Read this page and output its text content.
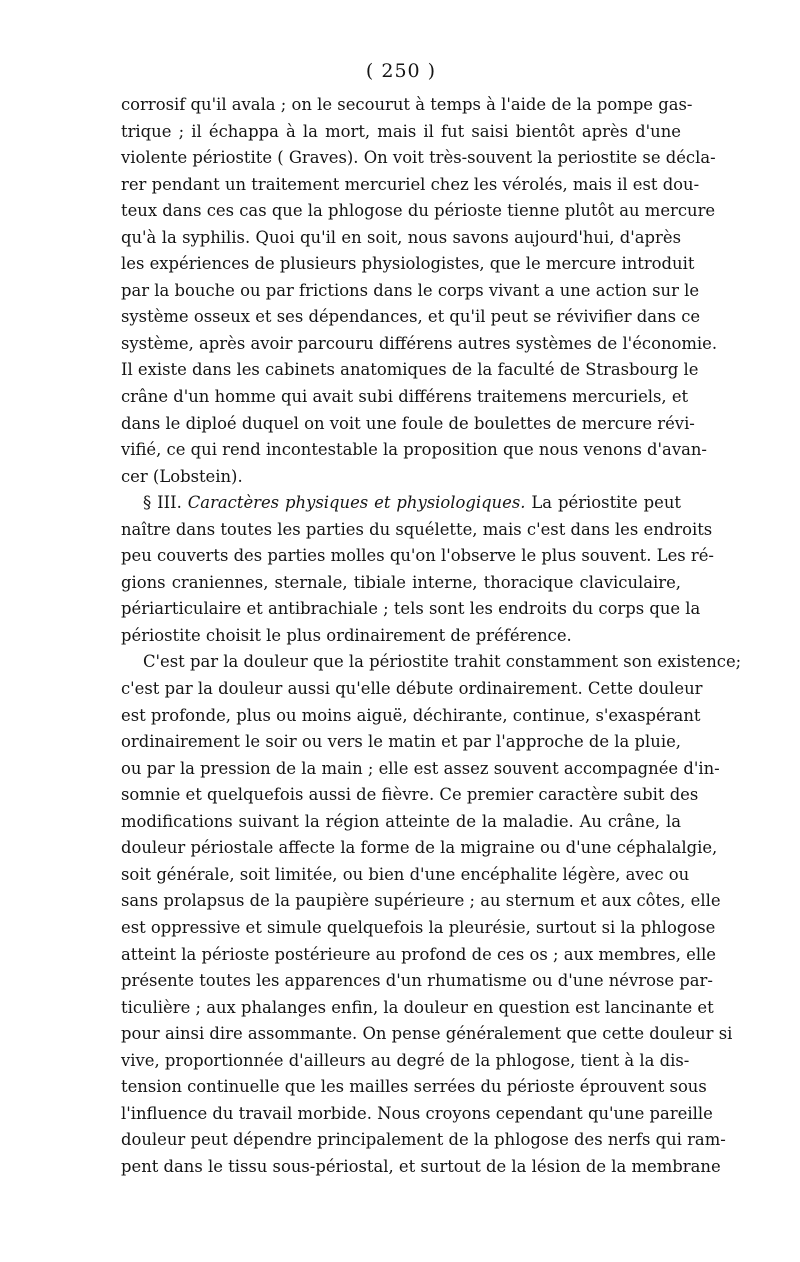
( 250 )
corrosif qu'il avala ; on le secourut à temps à l'aide de la pompe gas-
trique ; il échappa à la mort, mais il fut saisi bientôt après d'une
violente périostite ( Graves). On voit très-souvent la periostite se décla-
rer pendant un traitement mercuriel chez les vérolés, mais il est dou-
teux dans ces cas que la phlogose du périoste tienne plutôt au mercure
qu'à la syphilis. Quoi qu'il en soit, nous savons aujourd'hui, d'après
les expériences de plusieurs physiologistes, que le mercure introduit
par la bouche ou par frictions dans le corps vivant a une action sur le
système osseux et ses dépendances, et qu'il peut se révivifier dans ce
système, après avoir parcouru différens autres systèmes de l'économie.
Il existe dans les cabinets anatomiques de la faculté de Strasbourg le
crâne d'un homme qui avait subi différens traitemens mercuriels, et
dans le diploé duquel on voit une foule de boulettes de mercure révi-
vifié, ce qui rend incontestable la proposition que nous venons d'avan-
cer (Lobstein).
§ III. Caractères physiques et physiologiques. La périostite peut
naître dans toutes les parties du squélette, mais c'est dans les endroits
peu couverts des parties molles qu'on l'observe le plus souvent. Les ré-
gions craniennes, sternale, tibiale interne, thoracique claviculaire,
périarticulaire et antibrachiale ; tels sont les endroits du corps que la
périostite choisit le plus ordinairement de préférence.
C'est par la douleur que la périostite trahit constamment son existence;
c'est par la douleur aussi qu'elle débute ordinairement. Cette douleur
est profonde, plus ou moins aiguë, déchirante, continue, s'exaspérant
ordinairement le soir ou vers le matin et par l'approche de la pluie,
ou par la pression de la main ; elle est assez souvent accompagnée d'in-
somnie et quelquefois aussi de fièvre. Ce premier caractère subit des
modifications suivant la région atteinte de la maladie. Au crâne, la
douleur périostale affecte la forme de la migraine ou d'une céphalalgie,
soit générale, soit limitée, ou bien d'une encéphalite légère, avec ou
sans prolapsus de la paupière supérieure ; au sternum et aux côtes, elle
est oppressive et simule quelquefois la pleurésie, surtout si la phlogose
atteint la périoste postérieure au profond de ces os ; aux membres, elle
présente toutes les apparences d'un rhumatisme ou d'une névrose par-
ticulière ; aux phalanges enfin, la douleur en question est lancinante et
pour ainsi dire assommante. On pense généralement que cette douleur si
vive, proportionnée d'ailleurs au degré de la phlogose, tient à la dis-
tension continuelle que les mailles serrées du périoste éprouvent sous
l'influence du travail morbide. Nous croyons cependant qu'une pareille
douleur peut dépendre principalement de la phlogose des nerfs qui ram-
pent dans le tissu sous-périostal, et surtout de la lésion de la membrane
